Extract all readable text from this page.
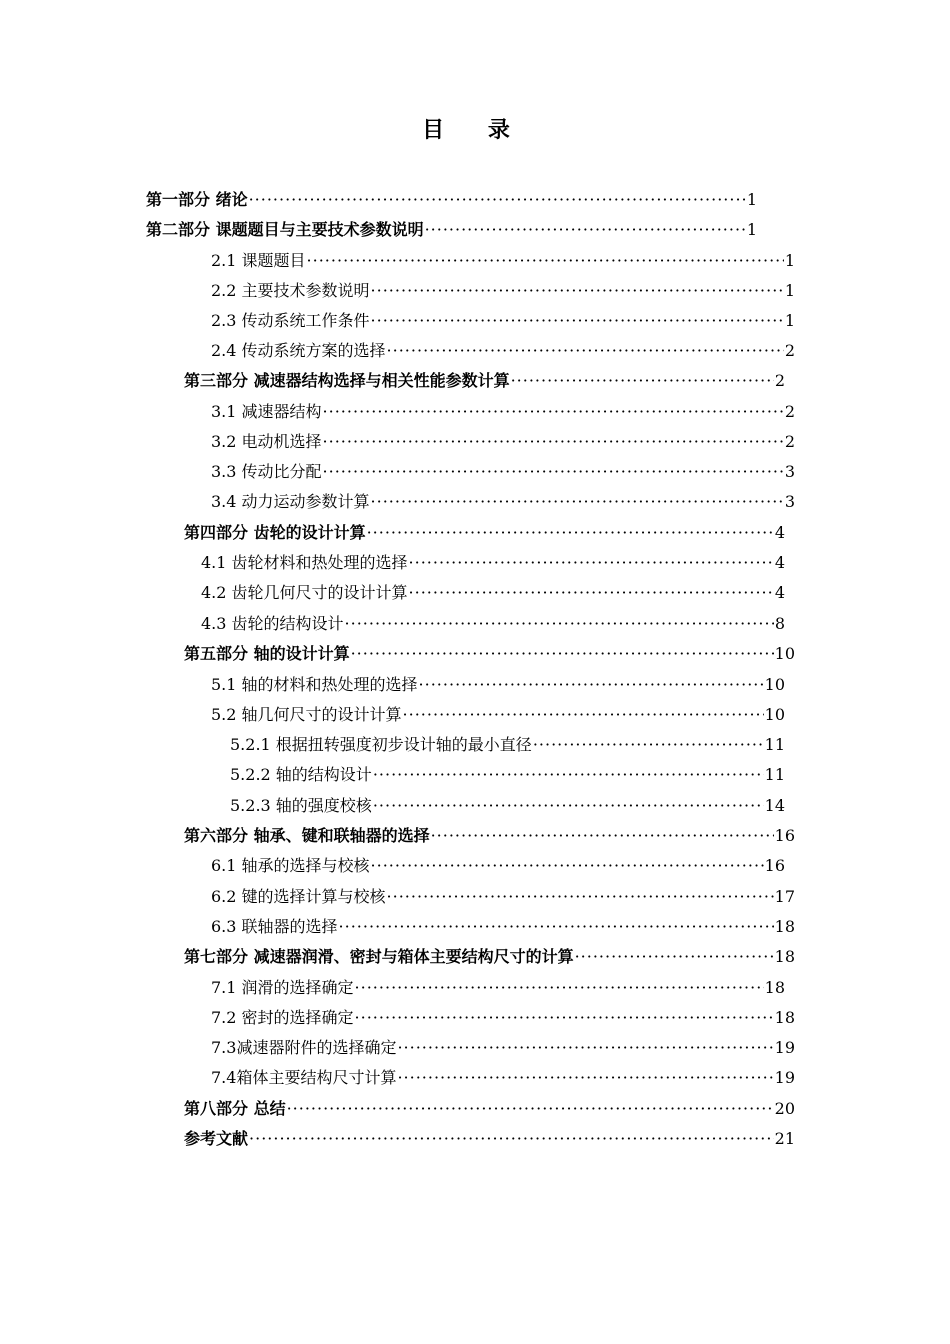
目 录
第一部分 绪论 ·····	1
第二部分 课题题目与主要技术参数说明 ·····	1
2.1 课题题目 ·····	1
2.2 主要技术参数说明 ·····	1
2.3 传动系统工作条件 ·····	1
2.4 传动系统方案的选择 ·····	2
第三部分 减速器结构选择与相关性能参数计算 ·····	2
3.1 减速器结构 ·····	2
3.2 电动机选择 ·····	2
3.3 传动比分配 ·····	3
3.4 动力运动参数计算 ·····	3
第四部分 齿轮的设计计算 ·····	4
4.1 齿轮材料和热处理的选择 ·····	4
4.2 齿轮几何尺寸的设计计算 ·····	4
4.3 齿轮的结构设计 ·····	8
第五部分 轴的设计计算 ·····	10
5.1 轴的材料和热处理的选择 ·····	10
5.2 轴几何尺寸的设计计算 ·····	10
5.2.1 根据扭转强度初步设计轴的最小直径 ·····	11
5.2.2 轴的结构设计 ·····	11
5.2.3 轴的强度校核 ·····	14
第六部分 轴承、键和联轴器的选择 ·····	16
6.1 轴承的选择与校核 ·····	16
6.2 键的选择计算与校核 ·····	17
6.3 联轴器的选择 ·····	18
第七部分 减速器润滑、密封与箱体主要结构尺寸的计算 ·····	18
7.1 润滑的选择确定 ·····	18
7.2 密封的选择确定 ·····	18
7.3减速器附件的选择确定 ·····	19
7.4箱体主要结构尺寸计算 ·····	19
第八部分 总结 ·····	20
参考文献 ·····	21
